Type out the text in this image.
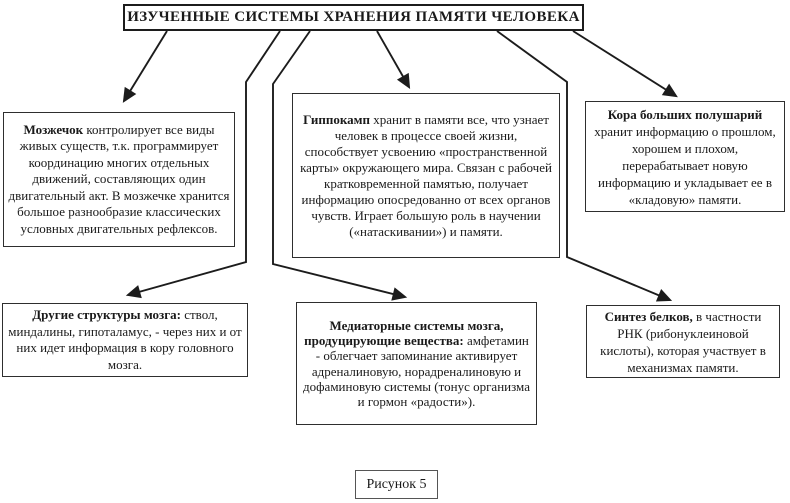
ИЗУЧЕННЫЕ СИСТЕМЫ ХРАНЕНИЯ ПАМЯТИ ЧЕЛОВЕКА
Мозжечок контролирует все виды живых существ, т.к. программирует координацию многих отдельных движений, составляющих один двигательный акт. В мозжечке хранится большое разнообразие классических условных двигательных рефлексов.
Гиппокамп хранит в памяти все, что узнает человек в процессе своей жизни, способствует усвоению «пространственной карты» окружающего мира. Связан с рабочей кратковременной памятью, получает информацию опосредованно от всех органов чувств. Играет большую роль в научении («натаскивании») и памяти.
Кора больших полушарий хранит информацию о прошлом, хорошем и плохом, перерабатывает новую информацию и укладывает ее в «кладовую» памяти.
Другие структуры мозга: ствол, миндалины, гипоталамус, - через них и от них идет информация в кору головного мозга.
Медиаторные системы мозга, продуцирующие вещества: амфетамин - облегчает запоминание активирует адреналиновую, норадреналиновую и дофаминовую системы (тонус организма и гормон «радости»).
Синтез белков, в частности РНК (рибонуклеиновой кислоты), которая участвует в механизмах памяти.
Рисунок 5
